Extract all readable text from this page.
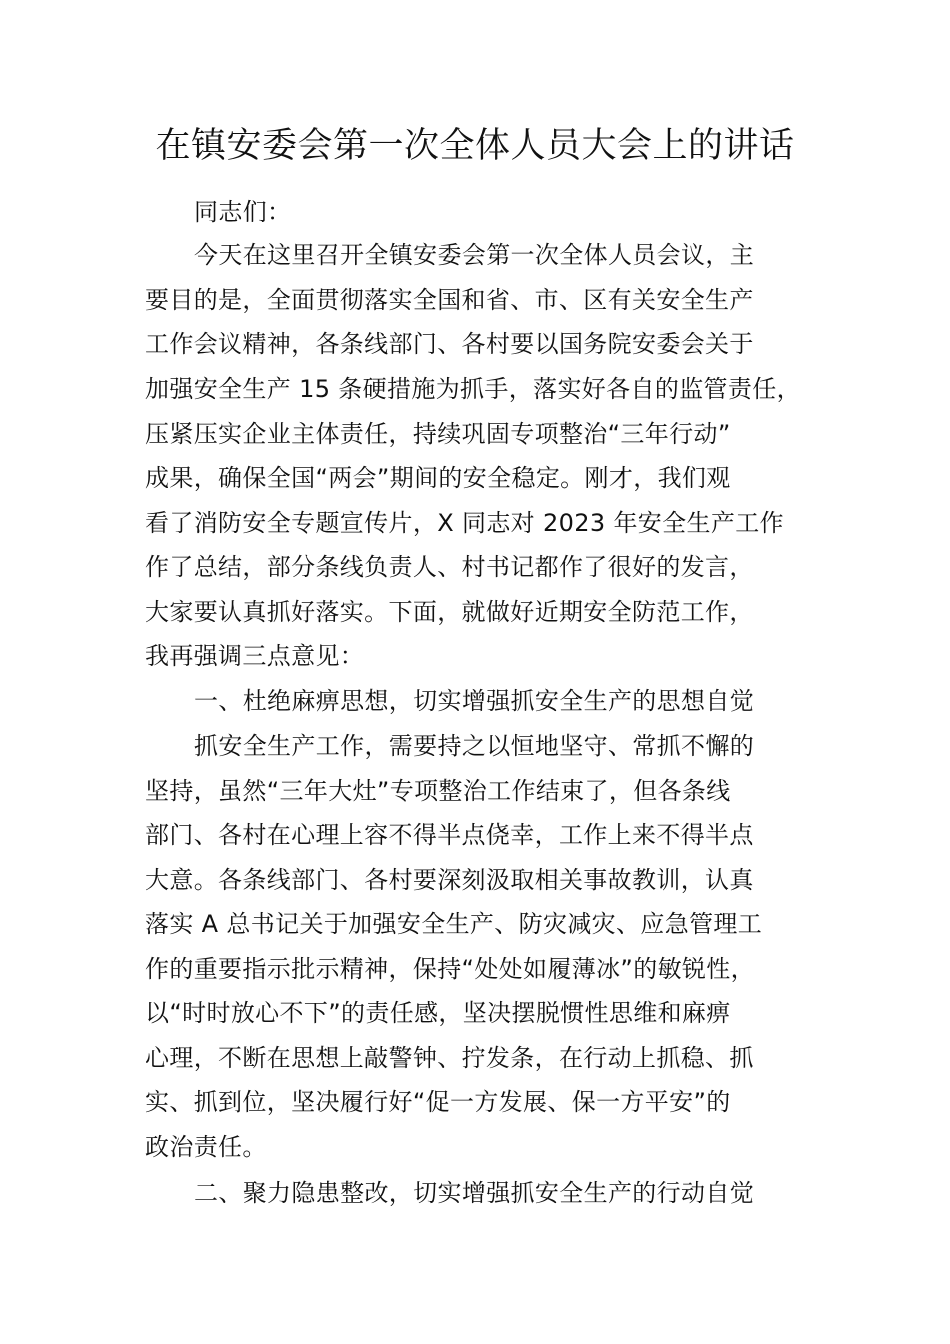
在镇安委会第一次全体人员大会上的讲话
同志们：
今天在这里召开全镇安委会第一次全体人员会议，主
要目的是，全面贯彻落实全国和省、市、区有关安全生产
工作会议精神，各条线部门、各村要以国务院安委会关于
加强安全生产 15 条硬措施为抓手，落实好各自的监管责任，
压紧压实企业主体责任，持续巩固专项整治“三年行动”
成果，确保全国“两会”期间的安全稳定。刚才，我们观
看了消防安全专题宣传片，X 同志对 2023 年安全生产工作
作了总结，部分条线负责人、村书记都作了很好的发言，
大家要认真抓好落实。下面，就做好近期安全防范工作，
我再强调三点意见：
一、杜绝麻痹思想，切实增强抓安全生产的思想自觉
抓安全生产工作，需要持之以恒地坚守、常抓不懈的
坚持，虽然“三年大灶”专项整治工作结束了，但各条线
部门、各村在心理上容不得半点侥幸，工作上来不得半点
大意。各条线部门、各村要深刻汲取相关事故教训，认真
落实 A 总书记关于加强安全生产、防灾减灾、应急管理工
作的重要指示批示精神，保持“处处如履薄冰”的敏锐性，
以“时时放心不下”的责任感，坚决摆脱惯性思维和麻痹
心理，不断在思想上敲警钟、拧发条，在行动上抓稳、抓
实、抓到位，坚决履行好“促一方发展、保一方平安”的
政治责任。
二、聚力隐患整改，切实增强抓安全生产的行动自觉
